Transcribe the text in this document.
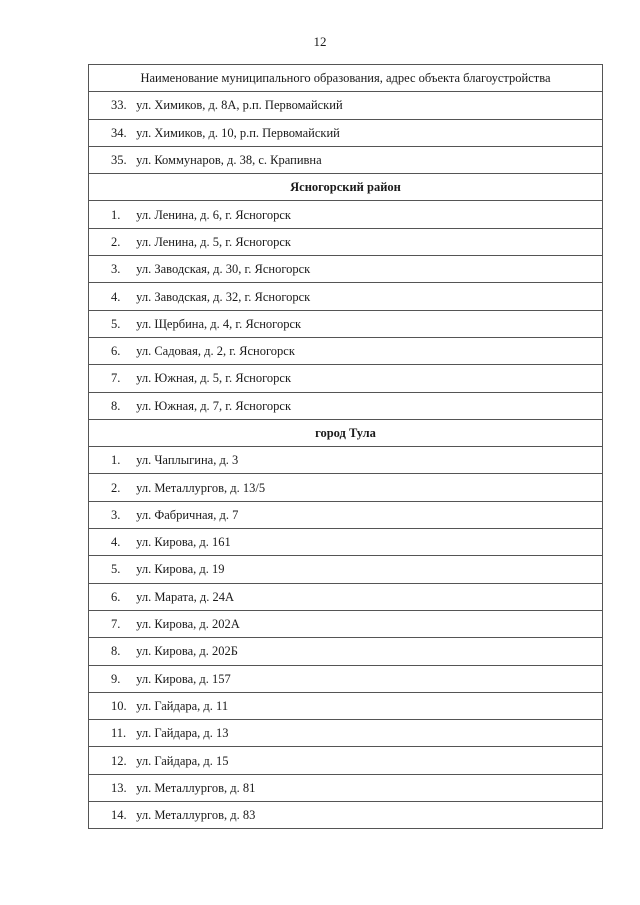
12
Наименование муниципального образования, адрес объекта благоустройства
33. ул. Химиков, д. 8А, р.п. Первомайский
34. ул. Химиков, д. 10, р.п. Первомайский
35. ул. Коммунаров, д. 38, с. Крапивна
Ясногорский район
1. ул. Ленина, д. 6, г. Ясногорск
2. ул. Ленина, д. 5, г. Ясногорск
3. ул. Заводская, д. 30, г. Ясногорск
4. ул. Заводская, д. 32, г. Ясногорск
5. ул. Щербина, д. 4, г. Ясногорск
6. ул. Садовая, д. 2, г. Ясногорск
7. ул. Южная, д. 5, г. Ясногорск
8. ул. Южная, д. 7, г. Ясногорск
город Тула
1. ул. Чаплыгина, д. 3
2. ул. Металлургов, д. 13/5
3. ул. Фабричная, д. 7
4. ул. Кирова, д. 161
5. ул. Кирова, д. 19
6. ул. Марата, д. 24А
7. ул. Кирова, д. 202А
8. ул. Кирова, д. 202Б
9. ул. Кирова, д. 157
10. ул. Гайдара, д. 11
11. ул. Гайдара, д. 13
12. ул. Гайдара, д. 15
13. ул. Металлургов, д. 81
14. ул. Металлургов, д. 83
